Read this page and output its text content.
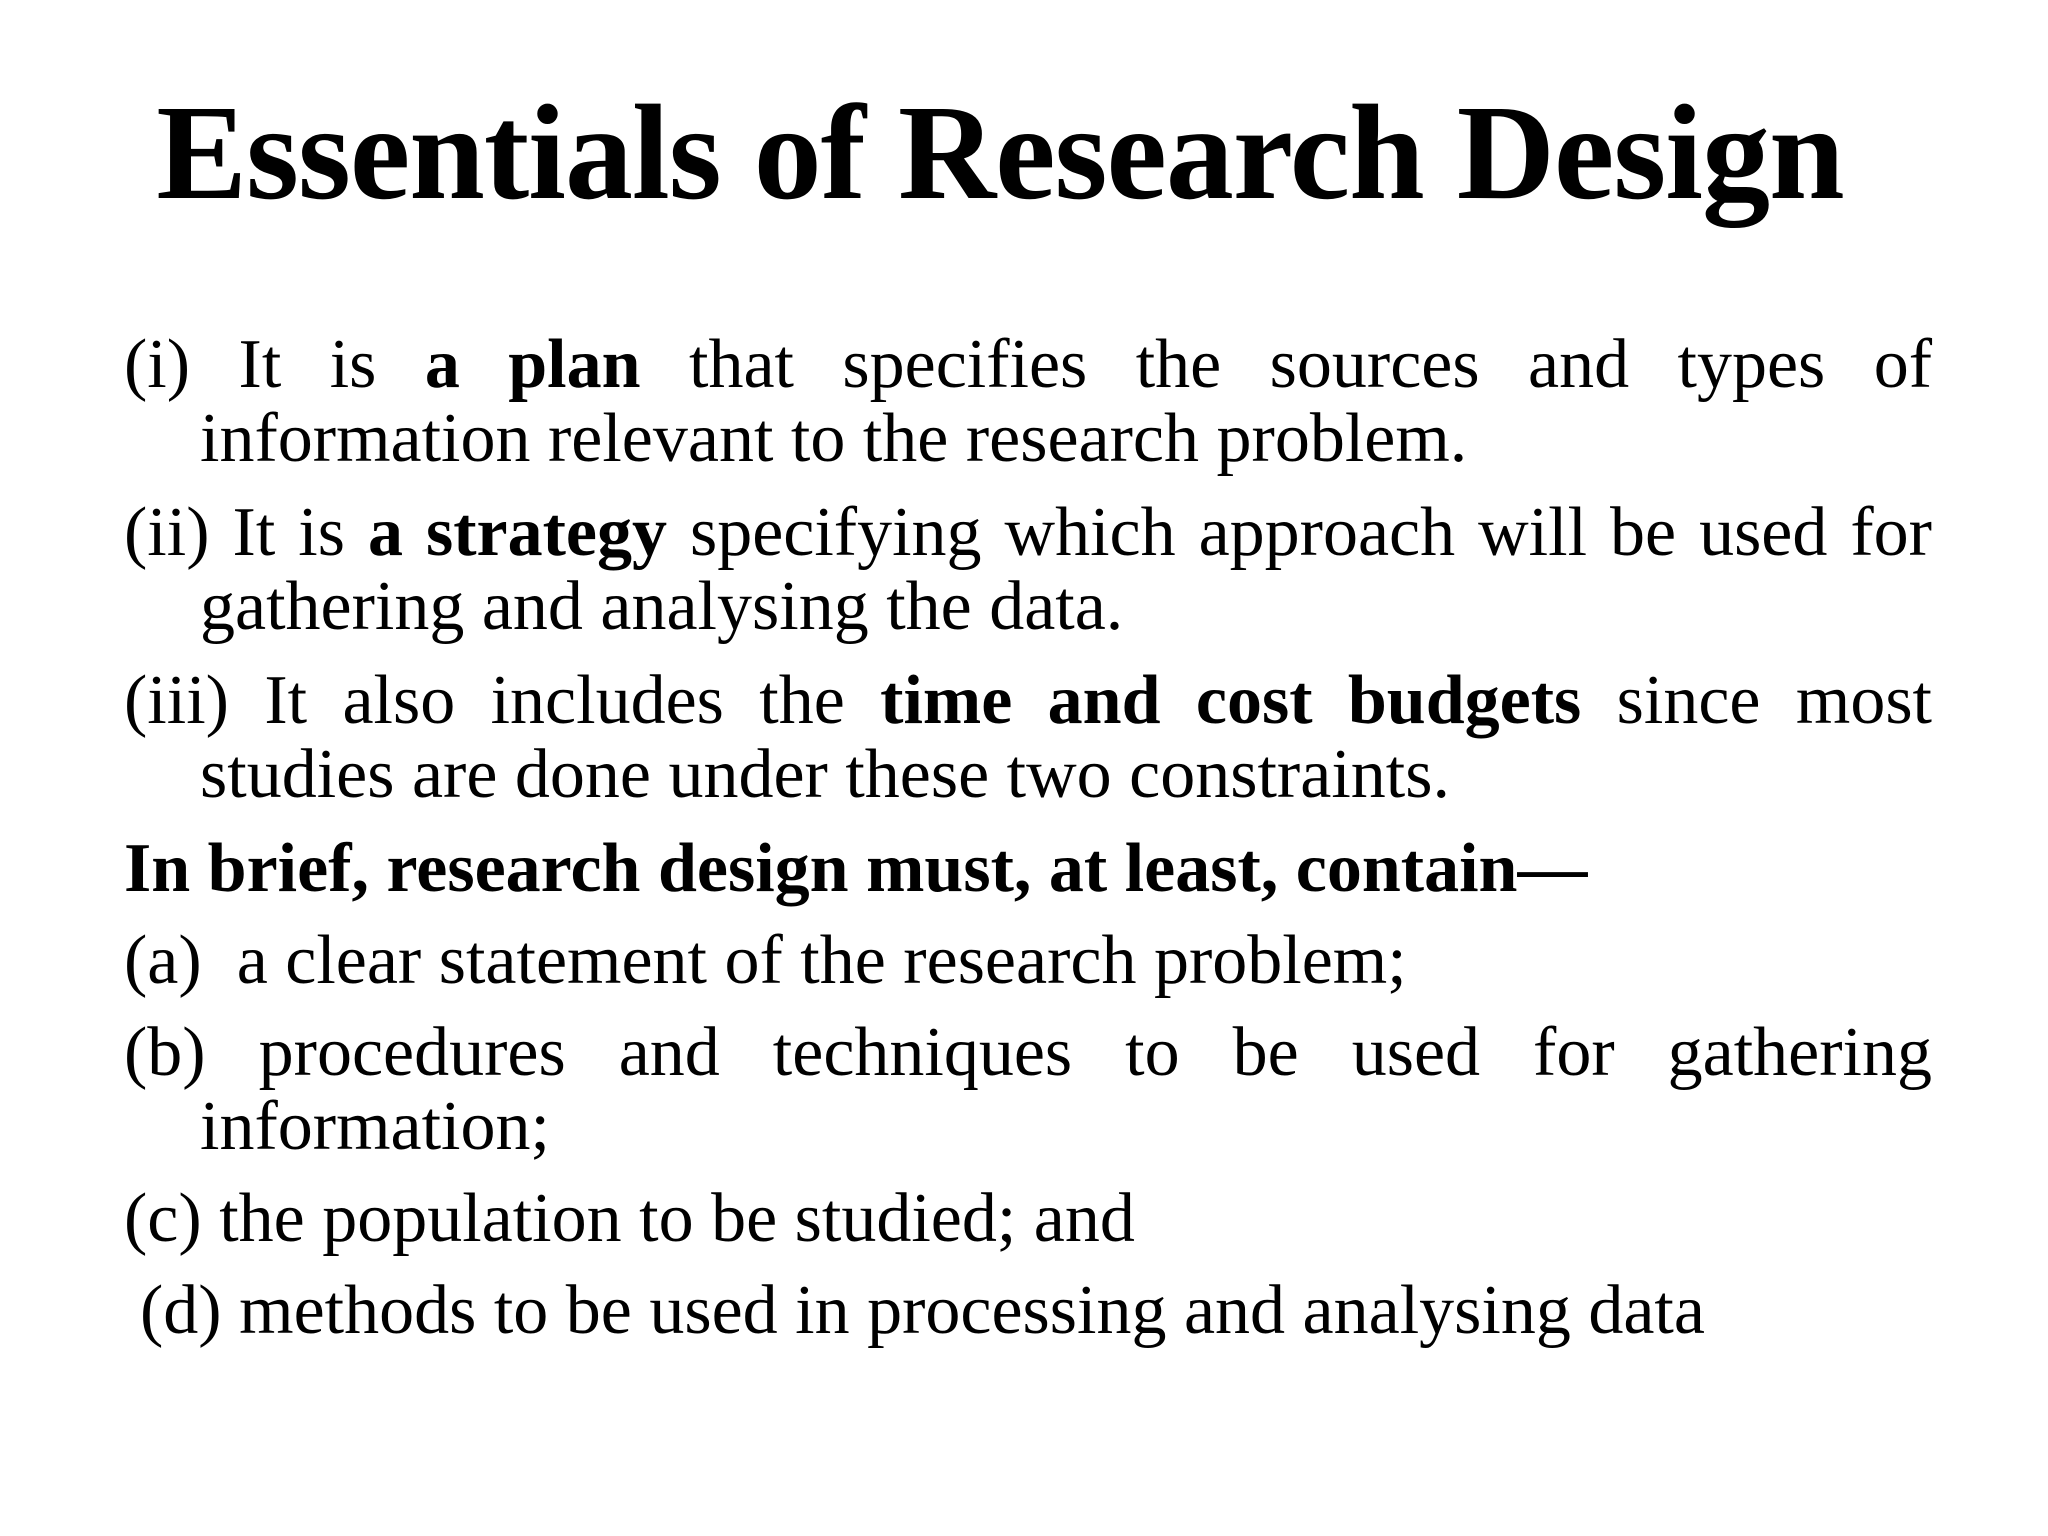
Essentials of Research Design

(i) It is a plan that specifies the sources and types of information relevant to the research problem.

(ii) It is a strategy specifying which approach will be used for gathering and analysing the data.

(iii) It also includes the time and cost budgets since most studies are done under these two constraints.

In brief, research design must, at least, contain—

(a)  a clear statement of the research problem;

(b) procedures and techniques to be used for gathering information;

(c) the population to be studied; and

(d) methods to be used in processing and analysing data
